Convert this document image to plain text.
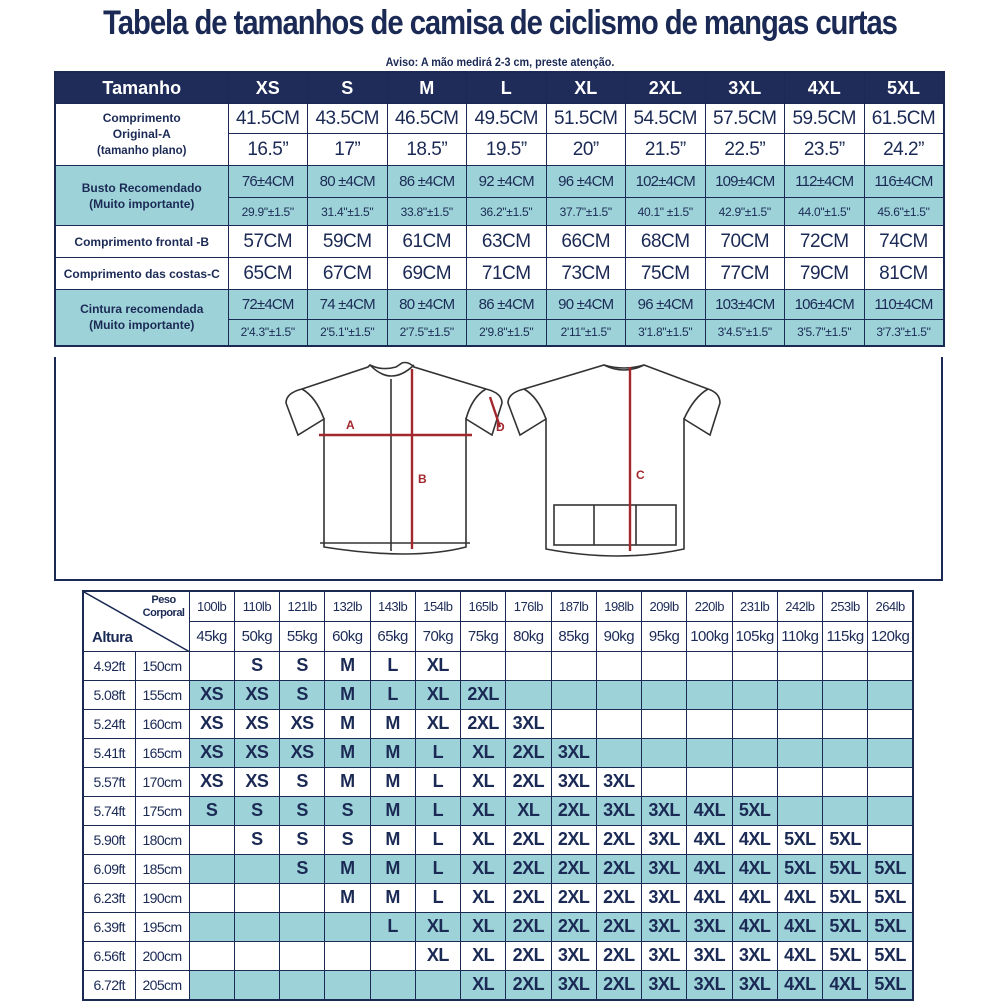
Tabela de tamanhos de camisa de ciclismo de mangas curtas
Aviso: A mão medirá 2-3 cm, preste atenção.
Tamanho	XS	S	M	L	XL	2XL	3XL	4XL	5XL
Comprimento
Original-A
(tamanho plano)	41.5CM	43.5CM	46.5CM	49.5CM	51.5CM	54.5CM	57.5CM	59.5CM	61.5CM
	16.5”	17”	18.5”	19.5”	20”	21.5”	22.5”	23.5”	24.2”
Busto Recomendado
(Muito importante)	76±4CM	80 ±4CM	86 ±4CM	92 ±4CM	96 ±4CM	102±4CM	109±4CM	112±4CM	116±4CM
	29.9"±1.5"	31.4"±1.5"	33.8"±1.5"	36.2"±1.5"	37.7"±1.5"	40.1" ±1.5"	42.9"±1.5"	44.0"±1.5"	45.6"±1.5"
Comprimento frontal -B	57CM	59CM	61CM	63CM	66CM	68CM	70CM	72CM	74CM
Comprimento das costas-C	65CM	67CM	69CM	71CM	73CM	75CM	77CM	79CM	81CM
Cintura recomendada
(Muito importante)	72±4CM	74 ±4CM	80 ±4CM	86 ±4CM	90 ±4CM	96 ±4CM	103±4CM	106±4CM	110±4CM
	2'4.3"±1.5"	2'5.1"±1.5"	2'7.5"±1.5"	2'9.8"±1.5"	2'11"±1.5"	3'1.8"±1.5"	3'4.5"±1.5"	3'5.7"±1.5"	3'7.3"±1.5"
A
B
D
C
Peso
Corporal
Altura		100lb	110lb	121lb	132lb	143lb	154lb	165lb	176lb	187lb	198lb	209lb	220lb	231lb	242lb	253lb	264lb
		45kg	50kg	55kg	60kg	65kg	70kg	75kg	80kg	85kg	90kg	95kg	100kg	105kg	110kg	115kg	120kg
4.92ft	150cm		S	S	M	L	XL										
5.08ft	155cm	XS	XS	S	M	L	XL	2XL									
5.24ft	160cm	XS	XS	XS	M	M	XL	2XL	3XL								
5.41ft	165cm	XS	XS	XS	M	M	L	XL	2XL	3XL							
5.57ft	170cm	XS	XS	S	M	M	L	XL	2XL	3XL	3XL						
5.74ft	175cm	S	S	S	S	M	L	XL	XL	2XL	3XL	3XL	4XL	5XL			
5.90ft	180cm		S	S	S	M	L	XL	2XL	2XL	2XL	3XL	4XL	4XL	5XL	5XL	
6.09ft	185cm			S	M	M	L	XL	2XL	2XL	2XL	3XL	4XL	4XL	5XL	5XL	5XL
6.23ft	190cm				M	M	L	XL	2XL	2XL	2XL	3XL	4XL	4XL	4XL	5XL	5XL
6.39ft	195cm					L	XL	XL	2XL	2XL	2XL	3XL	3XL	4XL	4XL	5XL	5XL
6.56ft	200cm						XL	XL	2XL	3XL	2XL	3XL	3XL	3XL	4XL	5XL	5XL
6.72ft	205cm							XL	2XL	3XL	2XL	3XL	3XL	3XL	4XL	4XL	5XL
